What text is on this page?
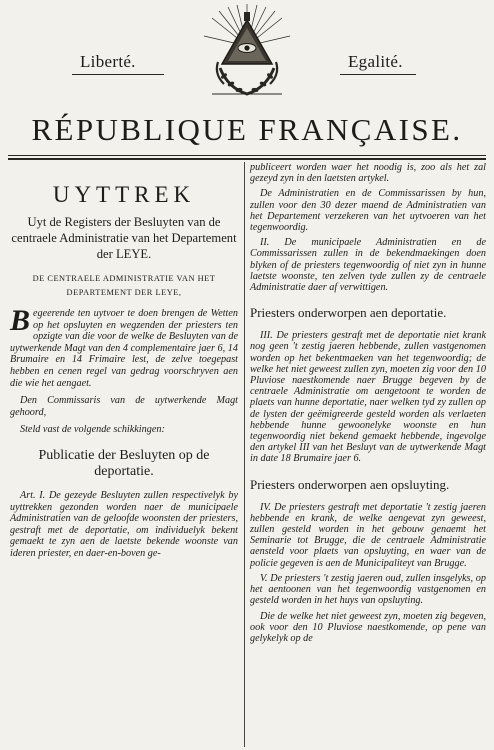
Liberté.	Egalité.
RÉPUBLIQUE FRANÇAISE.
UYTTREK
Uyt de Registers der Besluyten van de centraele Administratie van het Departement der LEYE.
DE CENTRAELE ADMINISTRATIE VAN HET DEPARTEMENT DER LEYE,

Begeerende ten uytvoer te doen brengen de Wetten op het opsluyten en wegzenden der priesters ten opzigte van die voor de welke de Besluyten van de uytwerkende Magt van den 4 complementaire jaer 6, 14 Brumaire en 14 Frimaire lest, de zelve toegepast hebben en cenen regel van gedrag voorschryven aen die wie het aengaet.

Den Commissaris van de uytwerkende Magt gehoord,

Steld vast de volgende schikkingen:

Publicatie der Besluyten op de deportatie.

Art. I. De gezeyde Besluyten zullen respectivelyk by uyttrekken gezonden worden naer de municipaele Administratien van de geloofde woonsten der priesters, gestraft met de deportatie, om individuelyk bekent gemaekt te zyn aen de laetste bekende woonste van ideren priester, en daer-en-boven ge-

publiceert worden waer het noodig is, zoo als het zal gezeyd zyn in den laetsten artykel.

De Administratien en de Commissarissen by hun, zullen voor den 30 dezer maend de Administratien van het Departement verzekeren van het uytvoeren van het tegenwoordig.

II. De municipaele Administratien en de Commissarissen zullen in de bekendmaekingen doen blyken of de priesters tegenwoordig of niet zyn in hunne laetste woonste, ten zelven tyde zullen zy de centraele Administratie daer af verwittigen.

Priesters onderworpen aen deportatie.

III. De priesters gestraft met de deportatie niet krank nog geen 't zestig jaeren hebbende, zullen vastgenomen worden op het bekentmaeken van het tegenwoordig; de welke het niet geweest zullen zyn, moeten zig voor den 10 Pluviose naestkomende naer Brugge begeven by de centraele Administratie om aengetoont te worden de plaets van hunne deportatie, naer welken tyd zy zullen op de lysten der geëmigreerde gesteld worden als verlaeten hebbende hunne gewoonelyke woonste en hun tegenwoordig niet bekend gemaekt hebbende, ingevolge den artykel III van het Besluyt van de uytwerkende Magt in date 18 Brumaire jaer 6.

Priesters onderworpen aen opsluyting.

IV. De priesters gestraft met deportatie 't zestig jaeren hebbende en krank, de welke aengevat zyn geweest, zullen gesteld worden in het gebouw genaemt het Seminarie tot Brugge, die de centraele Administratie aensteld voor plaets van opsluyting, en waer van de policie gegeven is aen de Municipaliteyt van Brugge.

V. De priesters 't zestig jaeren oud, zullen insgelyks, op het aentoonen van het tegenwoordig vastgenomen en gesteld worden in het huys van opsluyting.

Die de welke het niet geweest zyn, moeten zig begeven, ook voor den 10 Pluviose naestkomende, op pene van gelykelyk op de
